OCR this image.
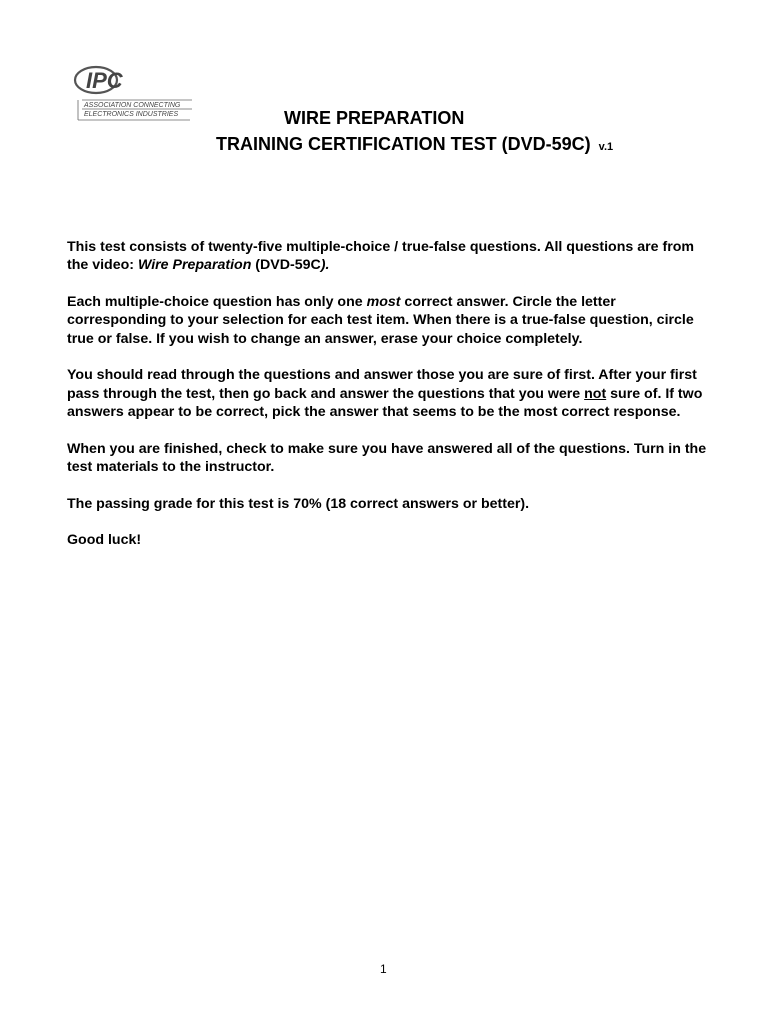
IPC
ASSOCIATION CONNECTING
ELECTRONICS INDUSTRIES	WIRE PREPARATION
TRAINING CERTIFICATION TEST (DVD-59C) v.1

This test consists of twenty-five multiple-choice / true-false questions. All questions are from the video: Wire Preparation (DVD-59C).

Each multiple-choice question has only one most correct answer. Circle the letter corresponding to your selection for each test item. When there is a true-false question, circle true or false. If you wish to change an answer, erase your choice completely.

You should read through the questions and answer those you are sure of first. After your first pass through the test, then go back and answer the questions that you were not sure of. If two answers appear to be correct, pick the answer that seems to be the most correct response.

When you are finished, check to make sure you have answered all of the questions. Turn in the test materials to the instructor.

The passing grade for this test is 70% (18 correct answers or better).

Good luck!

1
